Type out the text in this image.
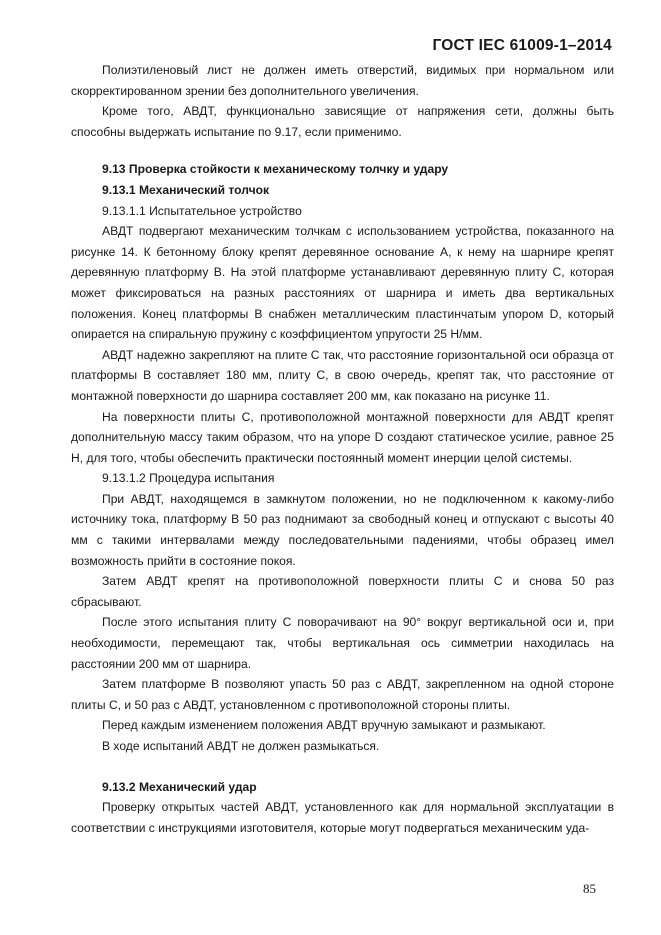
ГОСТ IEC 61009-1–2014

Полиэтиленовый лист не должен иметь отверстий, видимых при нормальном или скорректированном зрении без дополнительного увеличения.

Кроме того, АВДТ, функционально зависящие от напряжения сети, должны быть способны выдержать испытание по 9.17, если применимо.

9.13 Проверка стойкости к механическому толчку и удару

9.13.1 Механический толчок

9.13.1.1 Испытательное устройство

АВДТ подвергают механическим толчкам с использованием устройства, показанного на рисунке 14. К бетонному блоку крепят деревянное основание A, к нему на шарнире крепят деревянную платформу B. На этой платформе устанавливают деревянную плиту C, которая может фиксироваться на разных расстояниях от шарнира и иметь два вертикальных положения. Конец платформы B снабжен металлическим пластинчатым упором D, который опирается на спиральную пружину с коэффициентом упругости 25 Н/мм.

АВДТ надежно закрепляют на плите C так, что расстояние горизонтальной оси образца от платформы B составляет 180 мм, плиту C, в свою очередь, крепят так, что расстояние от монтажной поверхности до шарнира составляет 200 мм, как показано на рисунке 11.

На поверхности плиты C, противоположной монтажной поверхности для АВДТ крепят дополнительную массу таким образом, что на упоре D создают статическое усилие, равное 25 Н, для того, чтобы обеспечить практически постоянный момент инерции целой системы.

9.13.1.2 Процедура испытания

При АВДТ, находящемся в замкнутом положении, но не подключенном к какому-либо источнику тока, платформу B 50 раз поднимают за свободный конец и отпускают с высоты 40 мм с такими интервалами между последовательными падениями, чтобы образец имел возможность прийти в состояние покоя.

Затем АВДТ крепят на противоположной поверхности плиты C и снова 50 раз сбрасывают.

После этого испытания плиту C поворачивают на 90° вокруг вертикальной оси и, при необходимости, перемещают так, чтобы вертикальная ось симметрии находилась на расстоянии 200 мм от шарнира.

Затем платформе B позволяют упасть 50 раз с АВДТ, закрепленном на одной стороне плиты C, и 50 раз с АВДТ, установленном с противоположной стороны плиты.

Перед каждым изменением положения АВДТ вручную замыкают и размыкают.

В ходе испытаний АВДТ не должен размыкаться.

9.13.2 Механический удар

Проверку открытых частей АВДТ, установленного как для нормальной эксплуатации в соответствии с инструкциями изготовителя, которые могут подвергаться механическим уда-

85
